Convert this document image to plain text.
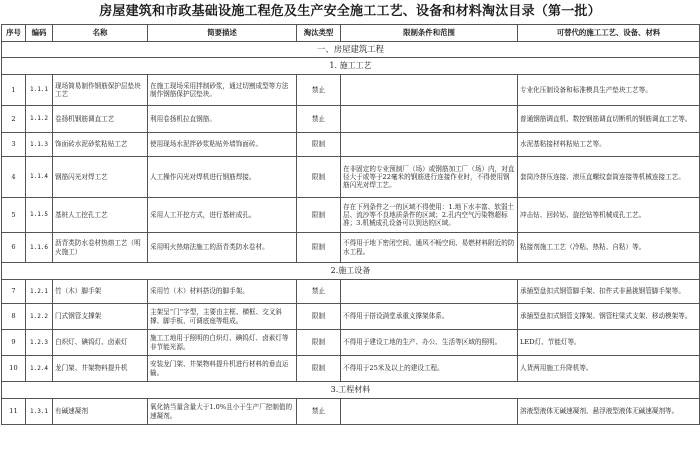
房屋建筑和市政基础设施工程危及生产安全施工工艺、设备和材料淘汰目录（第一批）
序号	编码	名称	简要描述	淘汰类型	限制条件和范围	可替代的施工工艺、设备、材料
一、房屋建筑工程						
1. 施工工艺						
1	1.1.1	现场简易制作钢筋保护层垫块工艺	在施工现场采用拌制砂浆，通过切割成型等方法制作钢筋保护层垫块。	禁止		专业化压制设备和标准模具生产垫块工艺等。
2	1.1.2	卷扬机钢筋调直工艺	利用卷扬机拉直钢筋。	禁止		普通钢筋调直机、数控钢筋调直切断机的钢筋调直工艺等。
3	1.1.3	饰面砖水泥砂浆粘贴工艺	使用现场水泥拌砂浆粘贴外墙饰面砖。	限制		水泥基粘接材料粘贴工艺等。
4	1.1.4	钢筋闪光对焊工艺	人工操作闪光对焊机进行钢筋焊接。	限制	在非固定的专业预制厂（场）或钢筋加工厂（场）内，对直径大于或等于22毫米的钢筋进行连接作业时，不得使用钢筋闪光对焊工艺。	套筒冷挤压连接、滚压直螺纹套筒连接等机械连接工艺。
5	1.1.5	基桩人工挖孔工艺	采用人工开挖方式，进行基桩成孔。	限制	存在下列条件之一的区域不得使用：1.地下水丰富、软弱土层、流沙等不良地质条件的区域；2.孔内空气污染物超标准；3.机械成孔设备可以到达的区域。	冲击钻、回转钻、旋挖钻等机械成孔工艺。
6	1.1.6	沥青类防水卷材热熔工艺（明火施工）	采用明火热熔法施工的沥青类防水卷材。	限制	不得用于地下密闭空间、通风不畅空间、易燃材料附近的防水工程。	粘接剂施工工艺（冷粘、热粘、自粘）等。
2.施工设备						
7	1.2.1	竹（木）脚手架	采用竹（木）材料搭设的脚手架。	禁止		承插型盘扣式钢管脚手架、扣件式非悬挑钢管脚手架等。
8	1.2.2	门式钢管支撑架	主架呈“门”字型，主要由主框、横框、交叉斜撑、脚手板、可调底座等组成。	限制	不得用于搭设满堂承重支撑架体系。	承插型盘扣式钢管支撑架、钢管柱梁式支架、移动模架等。
9	1.2.3	白炽灯、碘钨灯、卤素灯	施工工地用于照明的白炽灯、碘钨灯、卤素灯等非节能光源。	限制	不得用于建设工地的生产、办公、生活等区域的照明。	LED灯、节能灯等。
10	1.2.4	龙门架、井架物料提升机	安装龙门架、井架物料提升机进行材料的垂直运输。	限制	不得用于25米及以上的建设工程。	人货两用施工升降机等。
3.工程材料						
11	1.3.1	有碱速凝剂	氧化钠当量含量大于1.0%且小于生产厂控制值的速凝剂。	禁止		溶液型液体无碱速凝剂、悬浮液型液体无碱速凝剂等。
